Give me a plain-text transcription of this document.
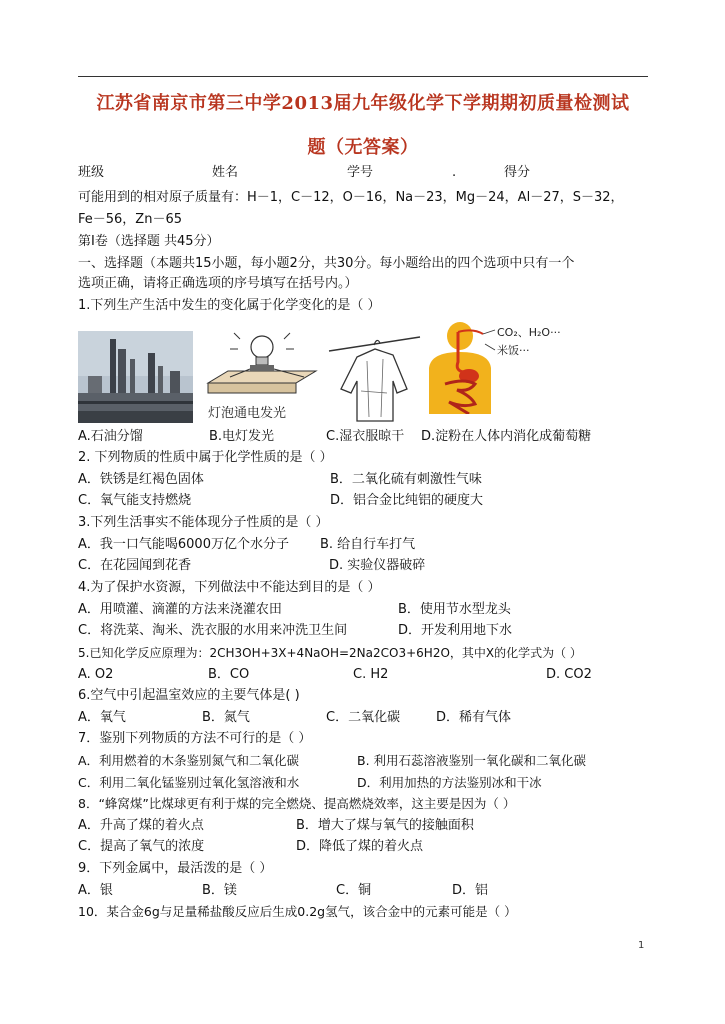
江苏省南京市第三中学2013届九年级化学下学期期初质量检测试
题（无答案）
班级	姓名	学号	.	得分
可能用到的相对原子质量有：H－1，C－12，O－16，Na－23，Mg－24，Al－27，S－32，
Fe－56，Zn－65
第Ⅰ卷（选择题 共45分）
一、选择题（本题共15小题，每小题2分，共30分。每小题给出的四个选项中只有一个
选项正确，请将正确选项的序号填写在括号内。）
1.下列生产生活中发生的变化属于化学变化的是（ ）
灯泡通电发光
CO₂、H₂O···
米饭···
A.石油分馏	B.电灯发光	C.湿衣服晾干 D.淀粉在人体内消化成葡萄糖
2. 下列物质的性质中属于化学性质的是（ ）
A．铁锈是红褐色固体	B．二氧化硫有刺激性气味
C．氧气能支持燃烧	D．铝合金比纯铝的硬度大
3.下列生活事实不能体现分子性质的是（ ）
A．我一口气能喝6000万亿个水分子 B. 给自行车打气
C．在花园闻到花香	D. 实验仪器破碎
4.为了保护水资源，下列做法中不能达到目的是（ ）
A．用喷灌、滴灌的方法来浇灌农田	B．使用节水型龙头
C．将洗菜、淘米、洗衣服的水用来冲洗卫生间	D．开发利用地下水
5.已知化学反应原理为：2CH3OH+3X+4NaOH=2Na2CO3+6H2O，其中X的化学式为（ ）
A. O2	B．CO	C. H2	D. CO2
6.空气中引起温室效应的主要气体是( )
A．氧气	B．氮气	C．二氧化碳	D．稀有气体
7．鉴别下列物质的方法不可行的是（ ）
A．利用燃着的木条鉴别氮气和二氧化碳	B. 利用石蕊溶液鉴别一氧化碳和二氧化碳
C．利用二氧化锰鉴别过氧化氢溶液和水	D．利用加热的方法鉴别冰和干冰
8．“蜂窝煤”比煤球更有利于煤的完全燃烧、提高燃烧效率，这主要是因为（ ）
A．升高了煤的着火点	B．增大了煤与氧气的接触面积
C．提高了氧气的浓度	D．降低了煤的着火点
9．下列金属中，最活泼的是（ ）
A．银	B．镁	C．铜	D．铝
10．某合金6g与足量稀盐酸反应后生成0.2g氢气，该合金中的元素可能是（ ）
1
